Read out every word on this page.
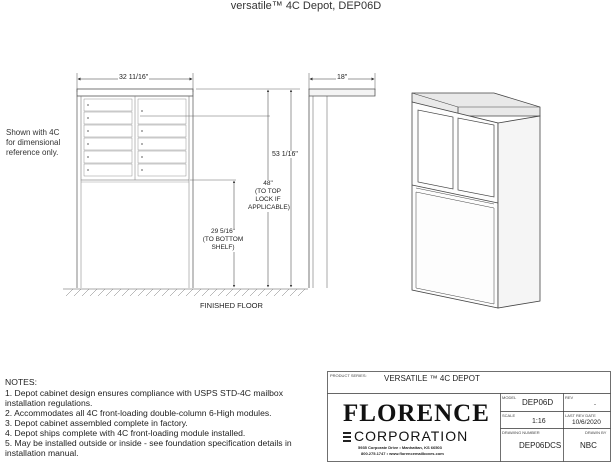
versatile™ 4C Depot, DEP06D
32 11/16"	18"
53 1/16"
48"
(TO TOP
LOCK IF
APPLICABLE)
29 5/16"
(TO BOTTOM
SHELF)
Shown with 4C
for dimensional
reference only.
FINISHED FLOOR
NOTES:
1. Depot cabinet design ensures compliance with USPS STD-4C mailbox
installation regulations.
2. Accommodates all 4C front-loading double-column 6-High modules.
3. Depot cabinet assembled complete in factory.
4. Depot ships complete with 4C front-loading module installed.
5. May be installed outside or inside - see foundation specification details in
installation manual.
PRODUCT SERIES: VERSATILE ™ 4C DEPOT
FLORENCE
CORPORATION
5935 Corporate Drive • Manhattan, KS 66503
800.275.1747 • www.florencemailboxes.com
MODEL
DEP06D
REV
-
SCALE
1:16
LAST REV DATE
10/6/2020
DRAWING NUMBER
DEP06DCS
DRAWN BY
NBC
